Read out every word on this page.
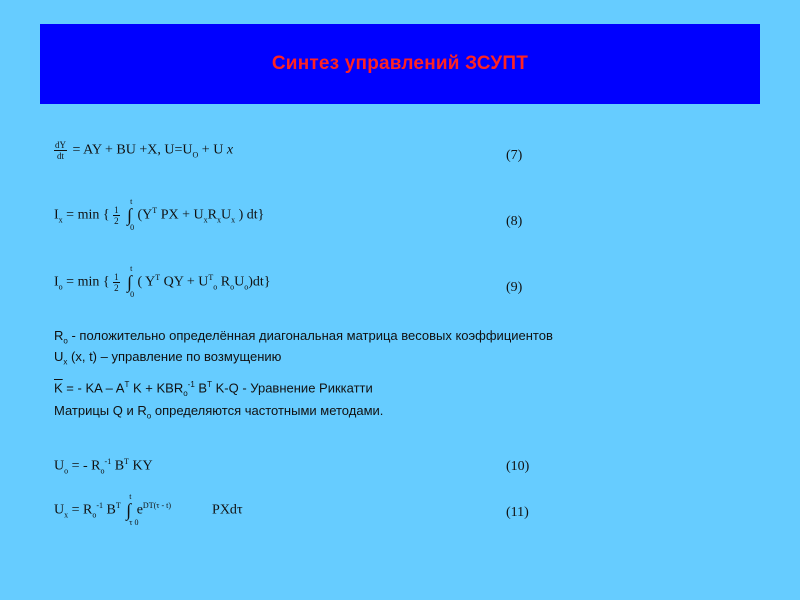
Синтез управлений ЗСУПТ
$\frac{dY}{dt}$ = AY + BU +X, $U=U_O + U$ x	(7)
$I_x = \min$ { $\frac{1}{2}$ ∫
t
0
($Y^T$ PX + $U_xR_xU_x$ ) dt}	(8)
$I_o = \min$ { $\frac{1}{2}$ ∫
t
0
( $Y^T$ QY + $U^T_o$ $R_oU_o)dt$}	(9)
$R_o$ - положительно определённая диагональная матрица весовых коэффициентов
$U_x$ (x, t) – управление по возмущению
$\overline{K}$ = - KA – $A^T$ $K + KBR_o^{-1}$ $B^T$ K-Q - Уравнение Риккатти
Матрицы Q и $R_o$ определяются частотными методами.
$U_o$ = - $R_o^{-1}$ $B^T$ KY	(10)
$U_x = R_o^{-1}$ $B^T$ ∫
t
τ 0
$e^{DT(\tau - t)}$	PXdτ	(11)
